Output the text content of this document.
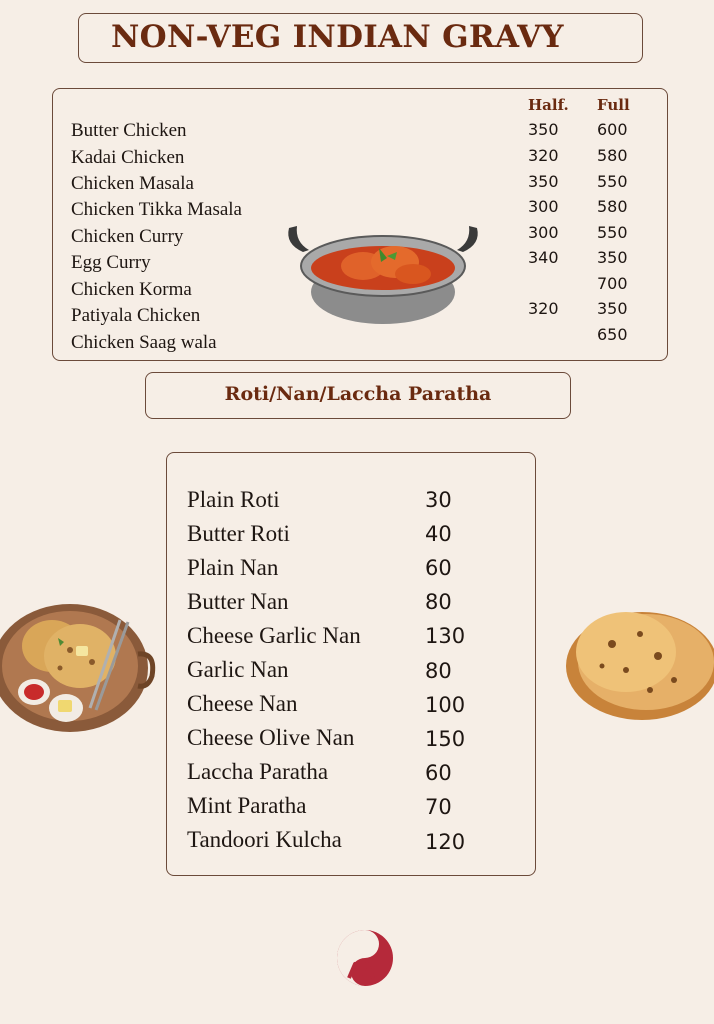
NON-VEG INDIAN GRAVY
Half. Full
Butter Chicken
Kadai Chicken
Chicken Masala
Chicken Tikka Masala
Chicken Curry
Egg Curry
Chicken Korma
Patiyala Chicken
Chicken Saag wala
350
320
350
300
300
340
320
600
580
550
580
550
350
700
350
650
Roti/Nan/Laccha Paratha
Plain Roti
Butter Roti
Plain Nan
Butter Nan
Cheese Garlic Nan
Garlic Nan
Cheese Nan
Cheese Olive Nan
Laccha Paratha
Mint Paratha
Tandoori Kulcha
30
40
60
80
130
80
100
150
60
70
120
